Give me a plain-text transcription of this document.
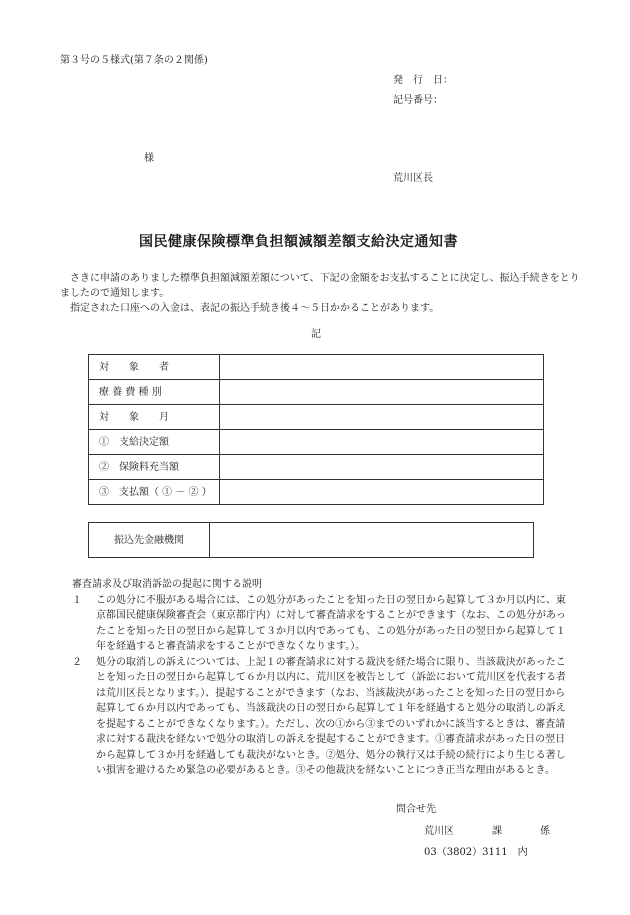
第３号の５様式(第７条の２関係)
発　行　日：
記号番号：
様
荒川区長
国民健康保険標準負担額減額差額支給決定通知書
さきに申請のありました標準負担額減額差額について、下記の金額をお支払することに決定し、振込手続きをとりましたので通知します。
指定された口座への入金は、表記の振込手続き後４～５日かかることがあります。
記
対　　象　　者	
療 養 費 種 別	
対　　象　　月	
①　支給決定額	
②　保険料充当額	
③　支払額（ ① － ② ）	
振込先金融機関	
審査請求及び取消訴訟の提起に関する説明
１	この処分に不服がある場合には、この処分があったことを知った日の翌日から起算して３か月以内に、東京都国民健康保険審査会（東京都庁内）に対して審査請求をすることができます（なお、この処分があったことを知った日の翌日から起算して３か月以内であっても、この処分があった日の翌日から起算して１年を経過すると審査請求をすることができなくなります。）。
２	処分の取消しの訴えについては、上記１の審査請求に対する裁決を経た場合に限り、当該裁決があったことを知った日の翌日から起算して６か月以内に、荒川区を被告として（訴訟において荒川区を代表する者は荒川区長となります。）、提起することができます（なお、当該裁決があったことを知った日の翌日から起算して６か月以内であっても、当該裁決の日の翌日から起算して１年を経過すると処分の取消しの訴えを提起することができなくなります。）。ただし、次の①から③までのいずれかに該当するときは、審査請求に対する裁決を経ないで処分の取消しの訴えを提起することができます。①審査請求があった日の翌日から起算して３か月を経過しても裁決がないとき。②処分、処分の執行又は手続の続行により生じる著しい損害を避けるため緊急の必要があるとき。③その他裁決を経ないことにつき正当な理由があるとき。
問合せ先
荒川区	課	係
03（3802）3111　内
